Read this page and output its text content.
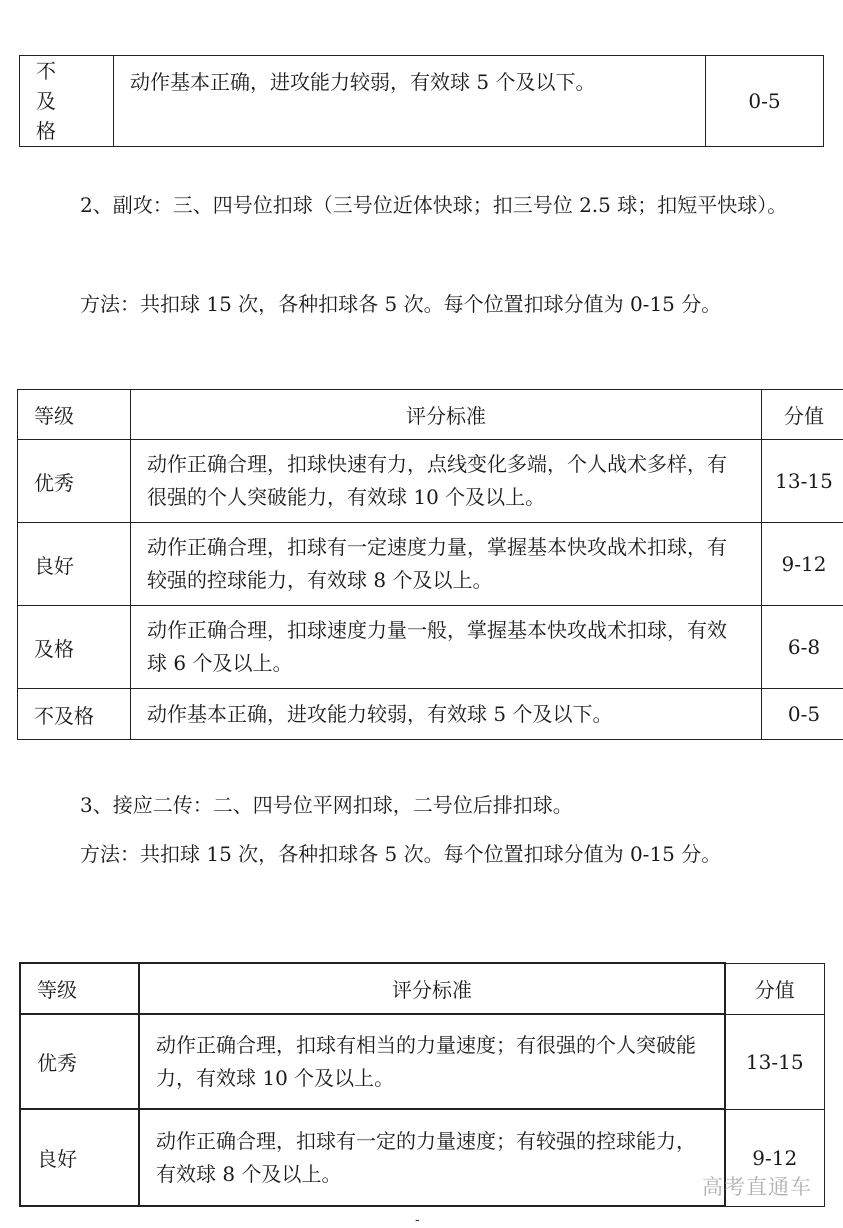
不 及 格	动作基本正确，进攻能力较弱，有效球 5 个及以下。	0-5

2、副攻：三、四号位扣球（三号位近体快球；扣三号位 2.5 球；扣短平快球）。

方法：共扣球 15 次，各种扣球各 5 次。每个位置扣球分值为 0-15 分。

等级	评分标准	分值
优秀	动作正确合理，扣球快速有力，点线变化多端，个人战术多样，有很强的个人突破能力，有效球 10 个及以上。	13-15
良好	动作正确合理，扣球有一定速度力量，掌握基本快攻战术扣球，有较强的控球能力，有效球 8 个及以上。	9-12
及格	动作正确合理，扣球速度力量一般，掌握基本快攻战术扣球，有效球 6 个及以上。	6-8
不及格	动作基本正确，进攻能力较弱，有效球 5 个及以下。	0-5

3、接应二传：二、四号位平网扣球，二号位后排扣球。

方法：共扣球 15 次，各种扣球各 5 次。每个位置扣球分值为 0-15 分。

等级	评分标准	分值
优秀	动作正确合理，扣球有相当的力量速度；有很强的个人突破能力，有效球 10 个及以上。	13-15
良好	动作正确合理，扣球有一定的力量速度；有较强的控球能力，有效球 8 个及以上。	9-12
高考直通车
-
